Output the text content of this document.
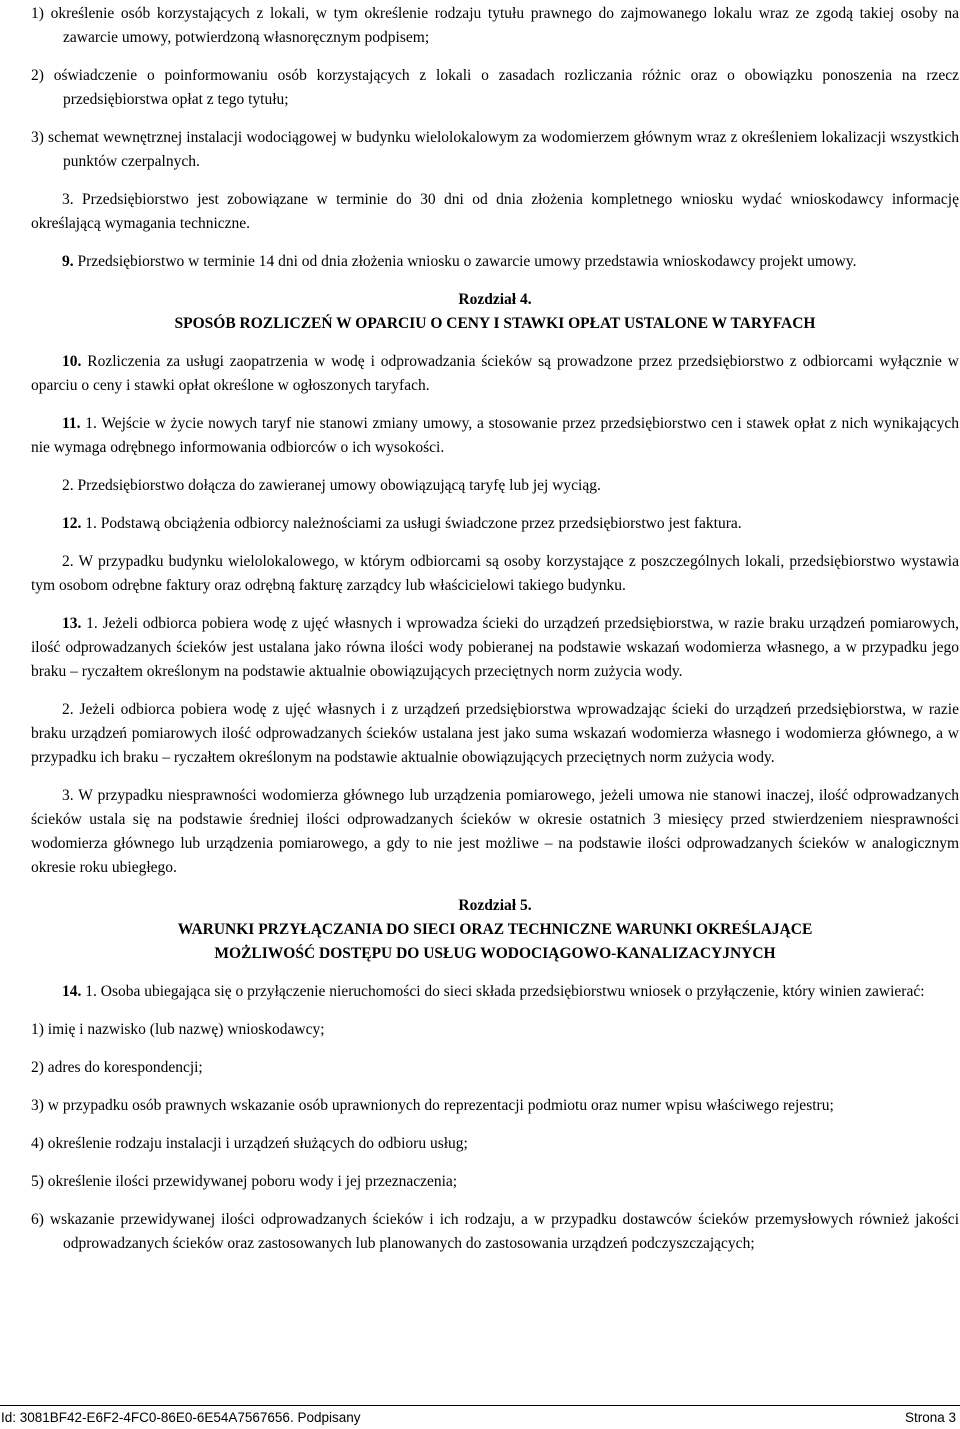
1) określenie osób korzystających z lokali, w tym określenie rodzaju tytułu prawnego do zajmowanego lokalu wraz ze zgodą takiej osoby na zawarcie umowy, potwierdzoną własnoręcznym podpisem;

2) oświadczenie o poinformowaniu osób korzystających z lokali o zasadach rozliczania różnic oraz o obowiązku ponoszenia na rzecz przedsiębiorstwa opłat z tego tytułu;

3) schemat wewnętrznej instalacji wodociągowej w budynku wielolokalowym za wodomierzem głównym wraz z określeniem lokalizacji wszystkich punktów czerpalnych.

3. Przedsiębiorstwo jest zobowiązane w terminie do 30 dni od dnia złożenia kompletnego wniosku wydać wnioskodawcy informację określającą wymagania techniczne.

9. Przedsiębiorstwo w terminie 14 dni od dnia złożenia wniosku o zawarcie umowy przedstawia wnioskodawcy projekt umowy.

Rozdział 4.

SPOSÓB ROZLICZEŃ W OPARCIU O CENY I STAWKI OPŁAT USTALONE W TARYFACH

10. Rozliczenia za usługi zaopatrzenia w wodę i odprowadzania ścieków są prowadzone przez przedsiębiorstwo z odbiorcami wyłącznie w oparciu o ceny i stawki opłat określone w ogłoszonych taryfach.

11. 1. Wejście w życie nowych taryf nie stanowi zmiany umowy, a stosowanie przez przedsiębiorstwo cen i stawek opłat z nich wynikających nie wymaga odrębnego informowania odbiorców o ich wysokości.

2. Przedsiębiorstwo dołącza do zawieranej umowy obowiązującą taryfę lub jej wyciąg.

12. 1. Podstawą obciążenia odbiorcy należnościami za usługi świadczone przez przedsiębiorstwo jest faktura.

2. W przypadku budynku wielolokalowego, w którym odbiorcami są osoby korzystające z poszczególnych lokali, przedsiębiorstwo wystawia tym osobom odrębne faktury oraz odrębną fakturę zarządcy lub właścicielowi takiego budynku.

13. 1. Jeżeli odbiorca pobiera wodę z ujęć własnych i wprowadza ścieki do urządzeń przedsiębiorstwa, w razie braku urządzeń pomiarowych, ilość odprowadzanych ścieków jest ustalana jako równa ilości wody pobieranej na podstawie wskazań wodomierza własnego, a w przypadku jego braku – ryczałtem określonym na podstawie aktualnie obowiązujących przeciętnych norm zużycia wody.

2. Jeżeli odbiorca pobiera wodę z ujęć własnych i z urządzeń przedsiębiorstwa wprowadzając ścieki do urządzeń przedsiębiorstwa, w razie braku urządzeń pomiarowych ilość odprowadzanych ścieków ustalana jest jako suma wskazań wodomierza własnego i wodomierza głównego, a w przypadku ich braku – ryczałtem określonym na podstawie aktualnie obowiązujących przeciętnych norm zużycia wody.

3. W przypadku niesprawności wodomierza głównego lub urządzenia pomiarowego, jeżeli umowa nie stanowi inaczej, ilość odprowadzanych ścieków ustala się na podstawie średniej ilości odprowadzanych ścieków w okresie ostatnich 3 miesięcy przed stwierdzeniem niesprawności wodomierza głównego lub urządzenia pomiarowego, a gdy to nie jest możliwe – na podstawie ilości odprowadzanych ścieków w analogicznym okresie roku ubiegłego.

Rozdział 5.

WARUNKI PRZYŁĄCZANIA DO SIECI ORAZ TECHNICZNE WARUNKI OKREŚLAJĄCE

MOŻLIWOŚĆ DOSTĘPU DO USŁUG WODOCIĄGOWO-KANALIZACYJNYCH

14. 1. Osoba ubiegająca się o przyłączenie nieruchomości do sieci składa przedsiębiorstwu wniosek o przyłączenie, który winien zawierać:

1) imię i nazwisko (lub nazwę) wnioskodawcy;

2) adres do korespondencji;

3) w przypadku osób prawnych wskazanie osób uprawnionych do reprezentacji podmiotu oraz numer wpisu właściwego rejestru;

4) określenie rodzaju instalacji i urządzeń służących do odbioru usług;

5) określenie ilości przewidywanej poboru wody i jej przeznaczenia;

6) wskazanie przewidywanej ilości odprowadzanych ścieków i ich rodzaju, a w przypadku dostawców ścieków przemysłowych również jakości odprowadzanych ścieków oraz zastosowanych lub planowanych do zastosowania urządzeń podczyszczających;

Id: 3081BF42-E6F2-4FC0-86E0-6E54A7567656. Podpisany	Strona 3
